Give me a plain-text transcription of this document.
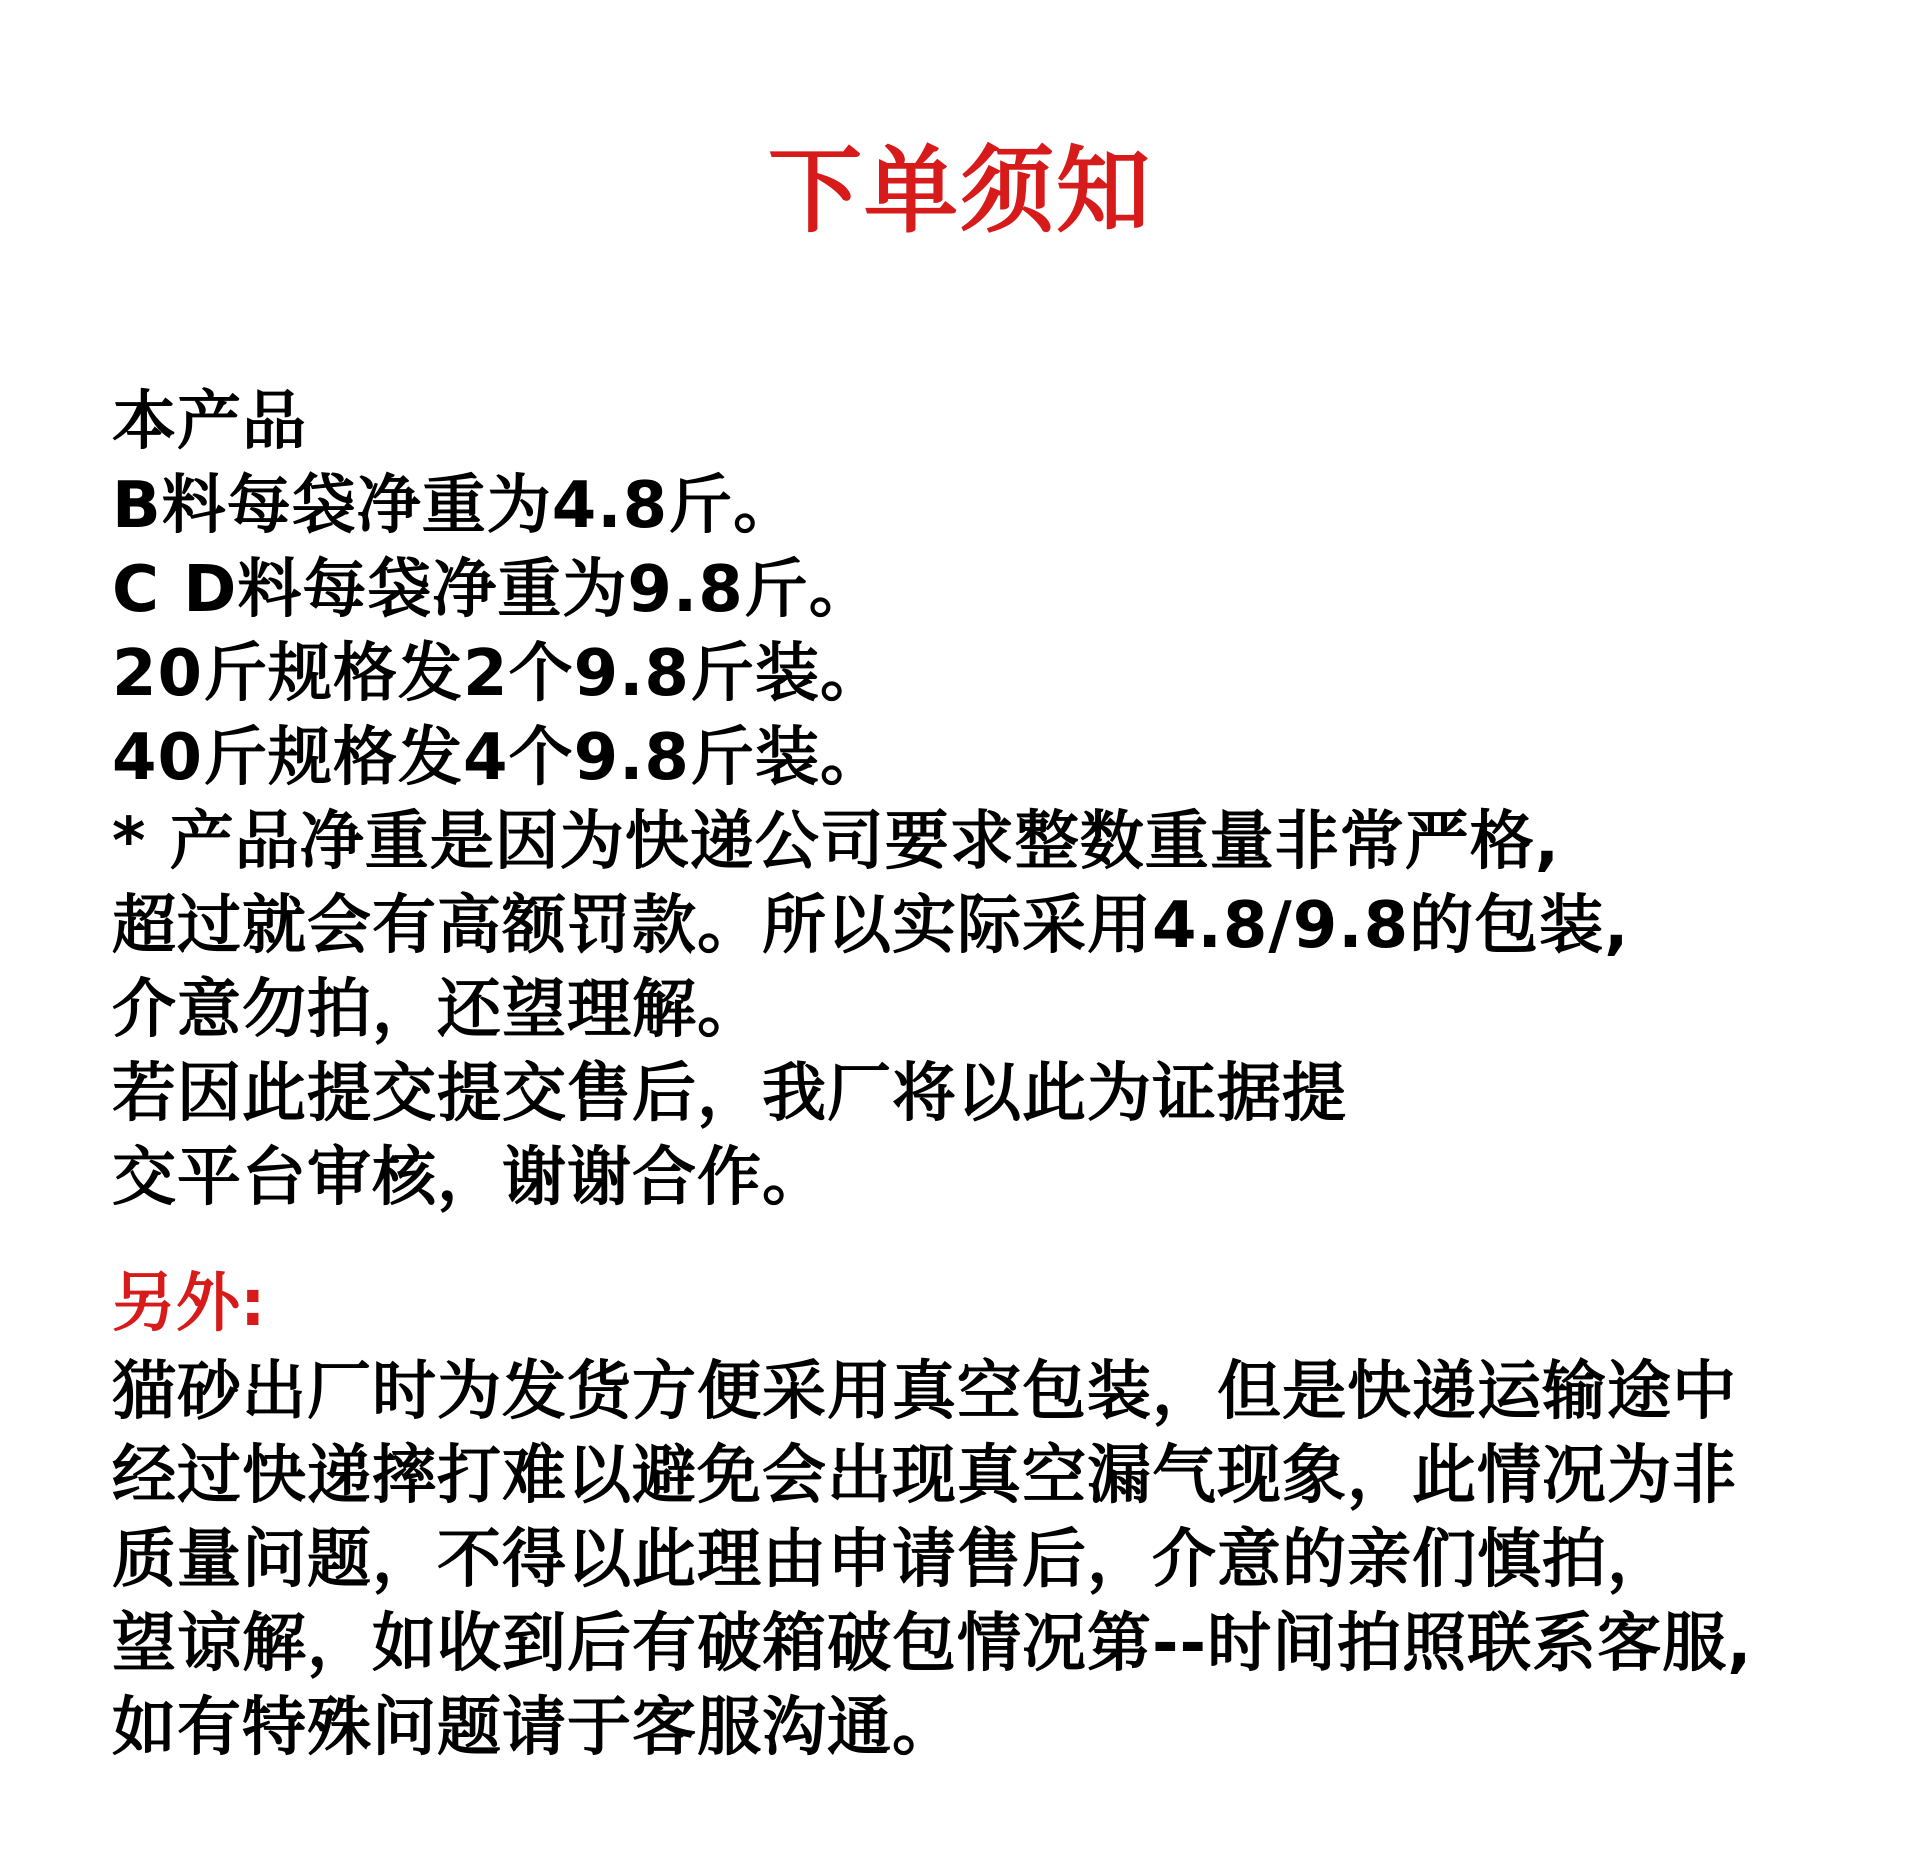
下单须知
本产品
B料每袋净重为4.8斤。
C D料每袋净重为9.8斤。
20斤规格发2个9.8斤装。
40斤规格发4个9.8斤装。
* 产品净重是因为快递公司要求整数重量非常严格,
超过就会有高额罚款。所以实际采用4.8/9.8的包装,
介意勿拍，还望理解。
若因此提交提交售后，我厂将以此为证据提
交平台审核，谢谢合作。
另外:
猫砂出厂时为发货方便采用真空包装，但是快递运输途中
经过快递摔打难以避免会出现真空漏气现象，此情况为非
质量问题，不得以此理由申请售后，介意的亲们慎拍，
望谅解，如收到后有破箱破包情况第--时间拍照联系客服,
如有特殊问题请于客服沟通。
